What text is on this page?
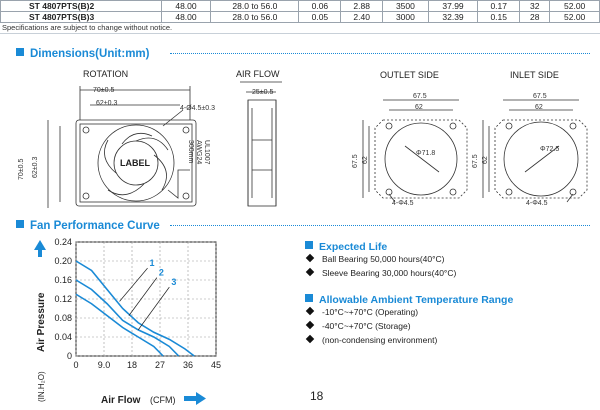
ST 4807PTS(B)2	48.00	28.0 to 56.0	0.06	2.88	3500	37.99	0.17	32	52.00
ST 4807PTS(B)3	48.00	28.0 to 56.0	0.05	2.40	3000	32.39	0.15	28	52.00
Specifications are subject to change without notice.
Dimensions(Unit:mm)
ROTATION
LABEL
70±0.5
62±0.3
4-Ø4.5±0.3
70±0.5 62±0.3
UL1007
AWG24
300mm
AIR FLOW
25±0.5
OUTLET SIDE
67.5
62
Φ71.8
4-Φ4.5
67.5 62
INLET SIDE
67.5
62
Φ72.5
4-Φ4.5
67.5 62
Fan Performance Curve
0 9.0 18 27 36 45
0
0.04
0.08
0.12
0.16
0.20
0.24
1
2
3
Air Pressure
(IN.H₂O)	Air Flow (CFM)
Expected Life
Ball Bearing 50,000 hours(40°C)
Sleeve Bearing 30,000 hours(40°C)
Allowable Ambient Temperature Range
-10°C~+70°C (Operating)
-40°C~+70°C (Storage)
(non-condensing environment)
18
